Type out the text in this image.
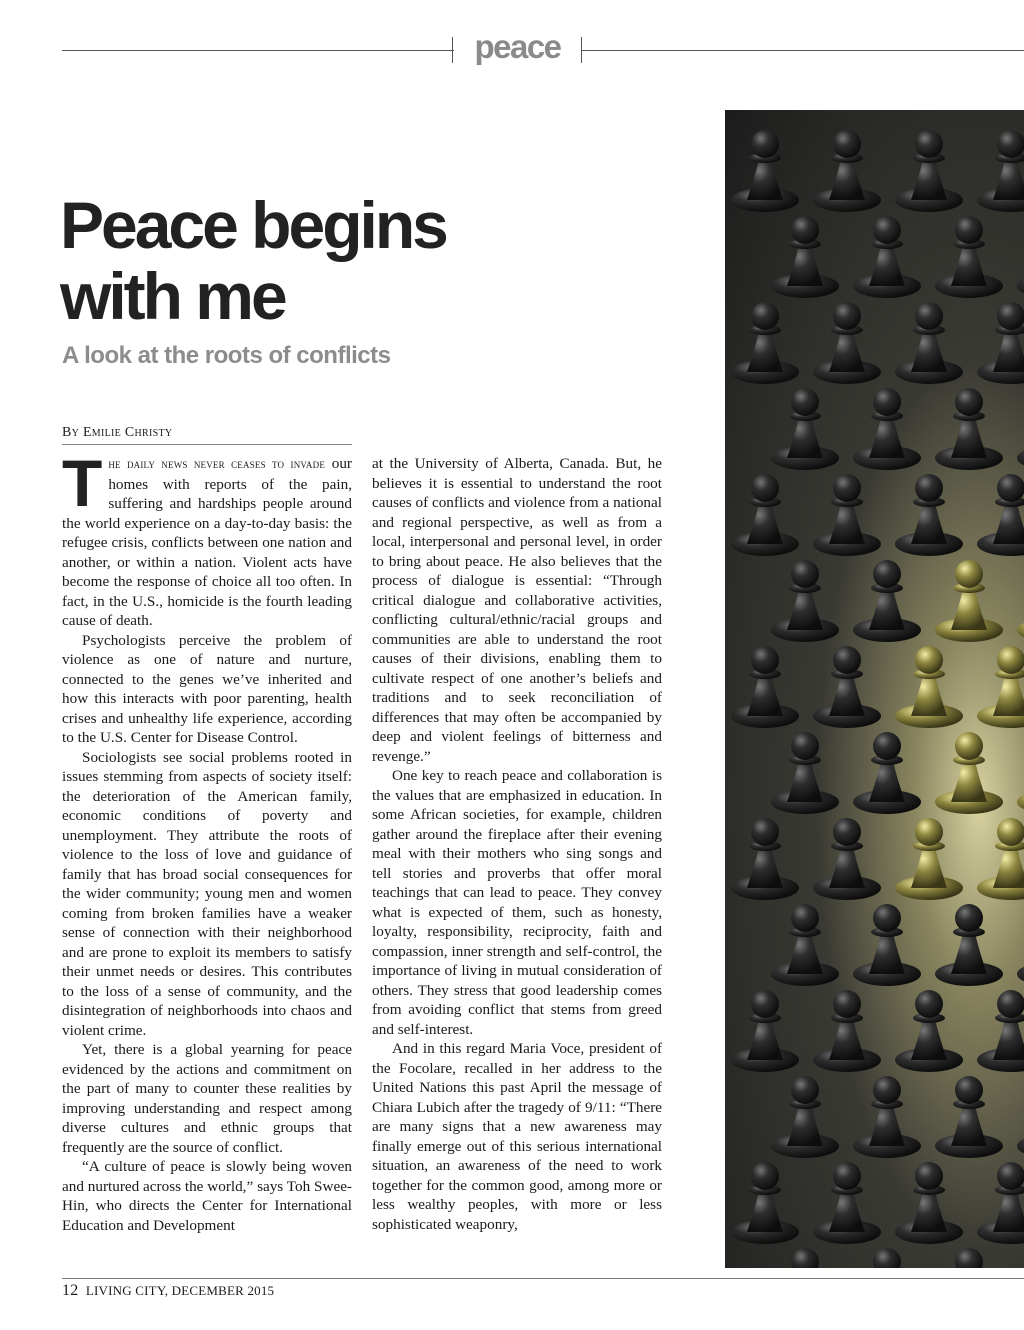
peace
Peace begins
with me
A look at the roots of conflicts
By Emilie Christy

The daily news never ceases to invade our homes with reports of the pain, suffering and hardships people around the world experience on a day-to-day basis: the refugee crisis, conflicts between one nation and another, or within a nation. Violent acts have become the response of choice all too often. In fact, in the U.S., homicide is the fourth leading cause of death.

Psychologists perceive the problem of violence as one of nature and nurture, connected to the genes we’ve inherited and how this interacts with poor parenting, health crises and unhealthy life experience, according to the U.S. Center for Disease Control.

Sociologists see social problems rooted in issues stemming from aspects of society itself: the deterioration of the American family, economic conditions of poverty and unemployment. They attribute the roots of violence to the loss of love and guidance of family that has broad social consequences for the wider community; young men and women coming from broken families have a weaker sense of connection with their neighborhood and are prone to exploit its members to satisfy their unmet needs or desires. This contributes to the loss of a sense of community, and the disintegration of neighborhoods into chaos and violent crime.

Yet, there is a global yearning for peace evidenced by the actions and commitment on the part of many to counter these realities by improving understanding and respect among diverse cultures and ethnic groups that frequently are the source of conflict.

“A culture of peace is slowly being woven and nurtured across the world,” says Toh Swee-Hin, who directs the Center for International Education and Development

at the University of Alberta, Canada. But, he believes it is essential to understand the root causes of conflicts and violence from a national and regional perspective, as well as from a local, interpersonal and personal level, in order to bring about peace. He also believes that the process of dialogue is essential: “Through critical dialogue and collaborative activities, conflicting cultural/ethnic/racial groups and communities are able to understand the root causes of their divisions, enabling them to cultivate respect of one another’s beliefs and traditions and to seek reconciliation of differences that may often be accompanied by deep and violent feelings of bitterness and revenge.”

One key to reach peace and collaboration is the values that are emphasized in education. In some African societies, for example, children gather around the fireplace after their evening meal with their mothers who sing songs and tell stories and proverbs that offer moral teachings that can lead to peace. They convey what is expected of them, such as honesty, loyalty, responsibility, reciprocity, faith and compassion, inner strength and self-control, the importance of living in mutual consideration of others. They stress that good leadership comes from avoiding conflict that stems from greed and self-interest.

And in this regard Maria Voce, president of the Focolare, recalled in her address to the United Nations this past April the message of Chiara Lubich after the tragedy of 9/11: “There are many signs that a new awareness may finally emerge out of this serious international situation, an awareness of the need to work together for the common good, among more or less wealthy peoples, with more or less sophisticated weaponry,

12 LIVING CITY, DECEMBER 2015
